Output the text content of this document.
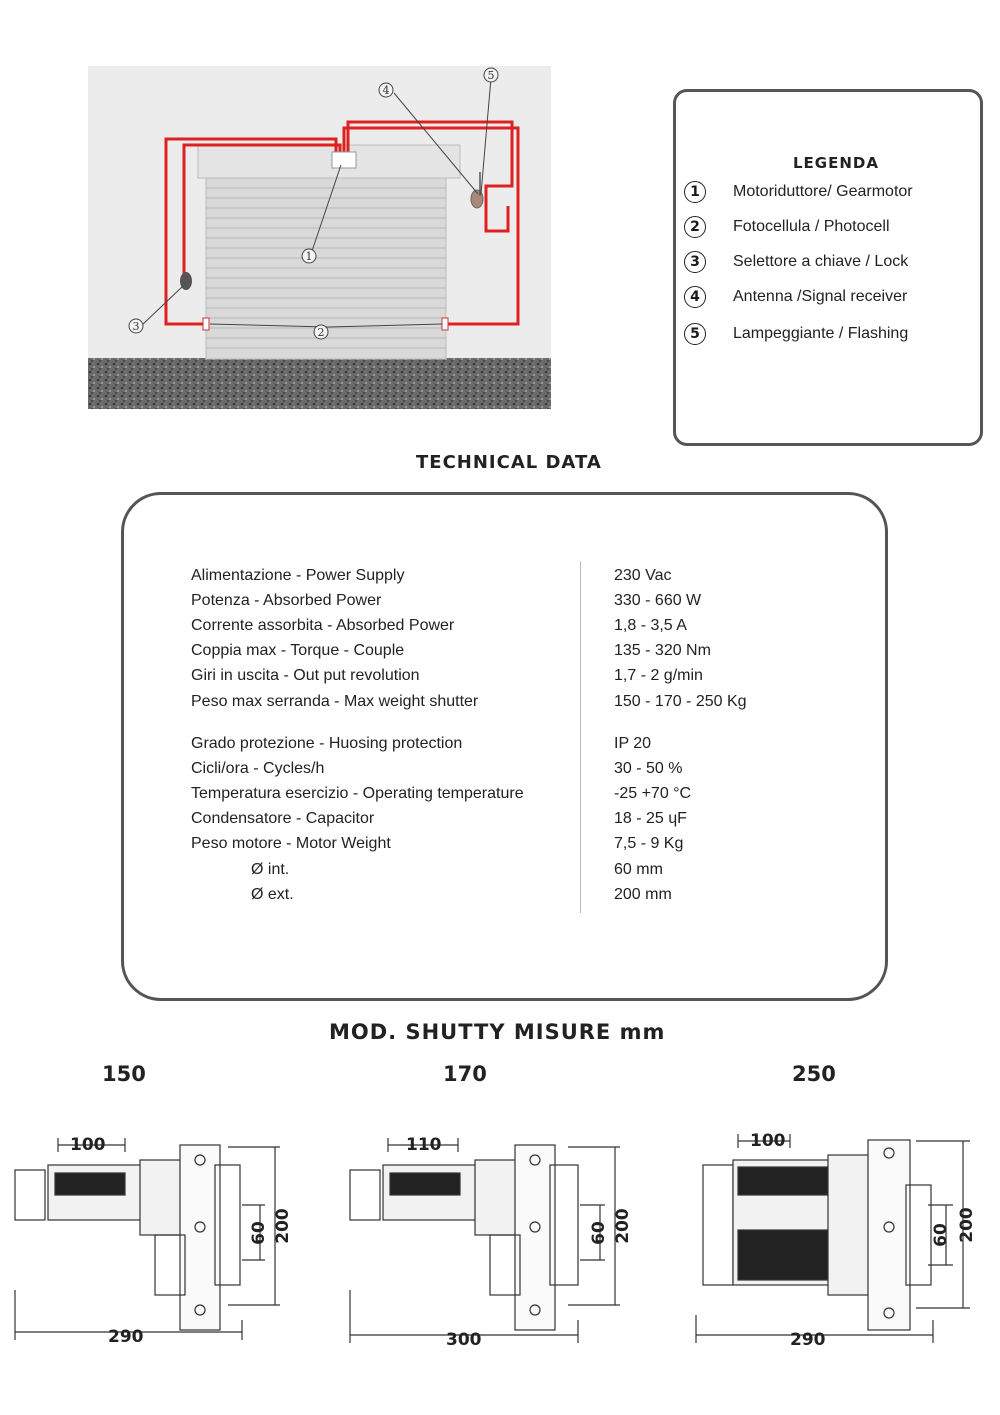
1
2
3
4
5
LEGENDA
1	Motoriduttore/ Gearmotor
2	Fotocellula / Photocell
3	Selettore a chiave / Lock
4	Antenna /Signal receiver
5	Lampeggiante / Flashing
TECHNICAL DATA
Alimentazione - Power Supply	230 Vac
Potenza - Absorbed Power	330 - 660 W
Corrente assorbita - Absorbed Power	1,8 - 3,5 A
Coppia max - Torque - Couple	135 - 320 Nm
Giri in uscita - Out put revolution	1,7 - 2 g/min
Peso max serranda - Max weight shutter	150 - 170 - 250 Kg
Grado protezione - Huosing protection	IP 20
Cicli/ora - Cycles/h	30 - 50 %
Temperatura esercizio - Operating temperature	-25 +70 °C
Condensatore - Capacitor	18 - 25 ɥF
Peso motore - Motor Weight	7,5 - 9 Kg
Ø int.	60 mm
Ø ext.	200 mm
MOD. SHUTTY MISURE mm
150	170	250
100
60 200
290
110
60 200
300
100
60 200
290
